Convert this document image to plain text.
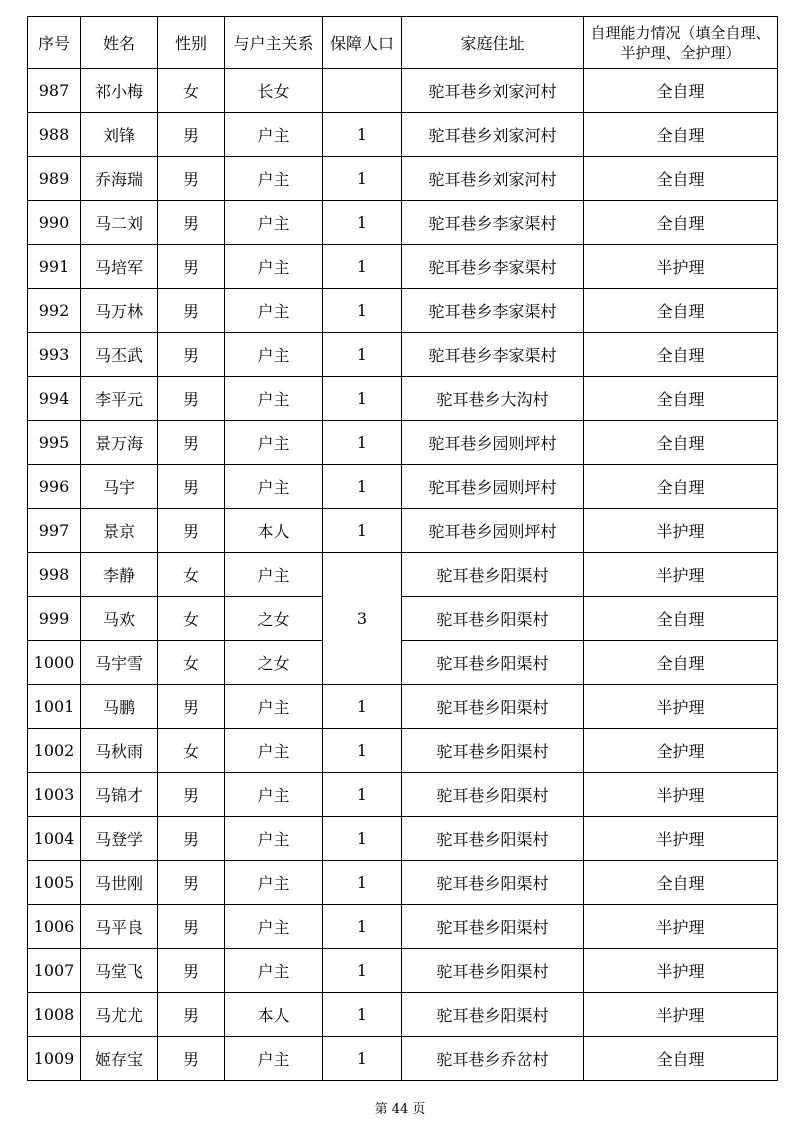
序号	姓名	性别	与户主关系	保障人口	家庭住址	自理能力情况（填全自理、半护理、全护理）
987	祁小梅	女	长女		驼耳巷乡刘家河村	全自理
988	刘锋	男	户主	1	驼耳巷乡刘家河村	全自理
989	乔海瑞	男	户主	1	驼耳巷乡刘家河村	全自理
990	马二刘	男	户主	1	驼耳巷乡李家渠村	全自理
991	马培军	男	户主	1	驼耳巷乡李家渠村	半护理
992	马万林	男	户主	1	驼耳巷乡李家渠村	全自理
993	马丕武	男	户主	1	驼耳巷乡李家渠村	全自理
994	李平元	男	户主	1	驼耳巷乡大沟村	全自理
995	景万海	男	户主	1	驼耳巷乡园则坪村	全自理
996	马宇	男	户主	1	驼耳巷乡园则坪村	全自理
997	景京	男	本人	1	驼耳巷乡园则坪村	半护理
998	李静	女	户主	3	驼耳巷乡阳渠村	半护理
999	马欢	女	之女		驼耳巷乡阳渠村	全自理
1000	马宇雪	女	之女		驼耳巷乡阳渠村	全自理
1001	马鹏	男	户主	1	驼耳巷乡阳渠村	半护理
1002	马秋雨	女	户主	1	驼耳巷乡阳渠村	全护理
1003	马锦才	男	户主	1	驼耳巷乡阳渠村	半护理
1004	马登学	男	户主	1	驼耳巷乡阳渠村	半护理
1005	马世刚	男	户主	1	驼耳巷乡阳渠村	全自理
1006	马平良	男	户主	1	驼耳巷乡阳渠村	半护理
1007	马堂飞	男	户主	1	驼耳巷乡阳渠村	半护理
1008	马尤尤	男	本人	1	驼耳巷乡阳渠村	半护理
1009	姬存宝	男	户主	1	驼耳巷乡乔岔村	全自理
第 44 页
